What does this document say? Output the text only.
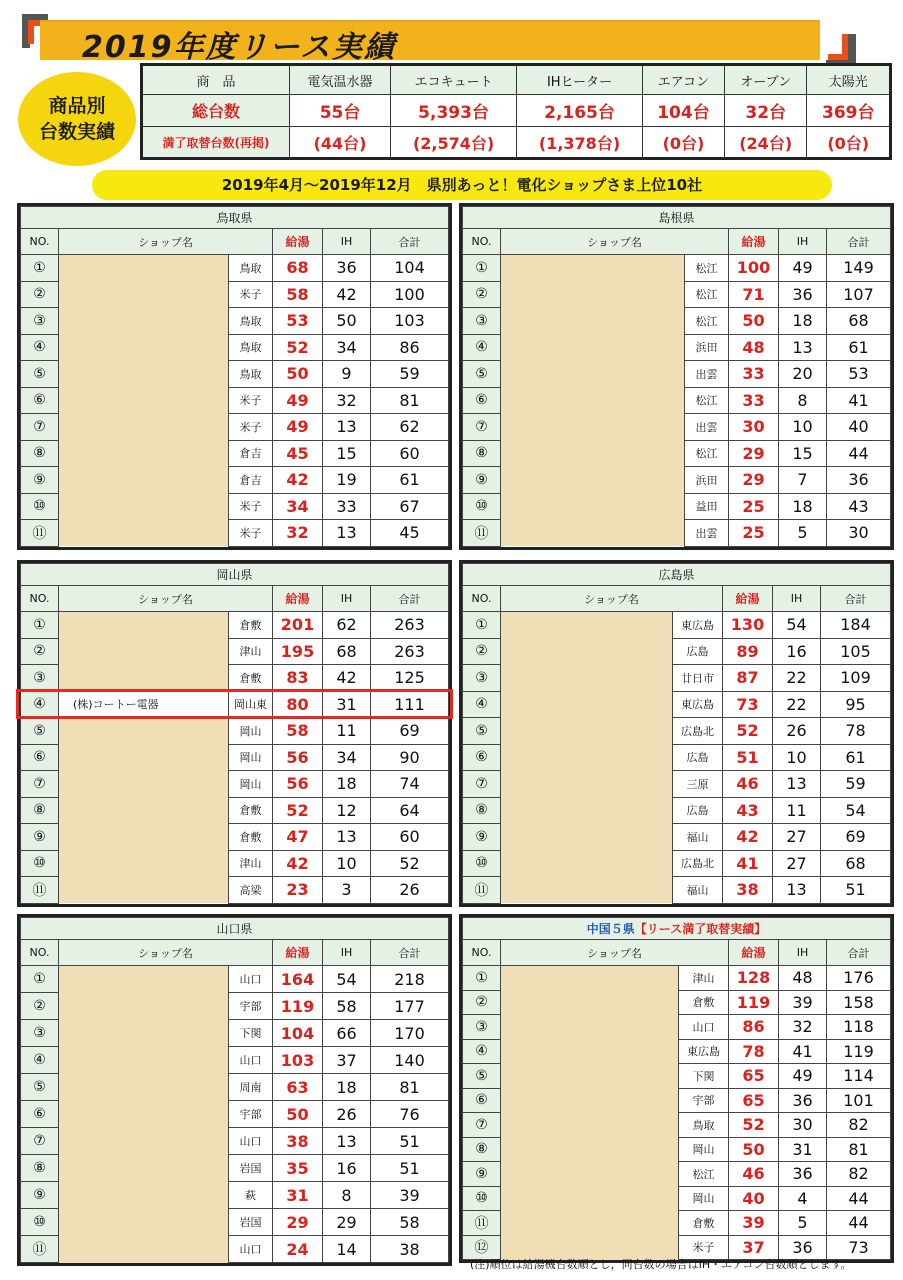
2019年度リース実績
商品別
台数実績
商　品	電気温水器	エコキュート	IHヒーター	エアコン	オーブン	太陽光
総台数	55台	5,393台	2,165台	104台	32台	369台
満了取替台数(再掲)	(44台)	(2,574台)	(1,378台)	(0台)	(24台)	(0台)
2019年4月～2019年12月　県別あっと！電化ショップさま上位10社
鳥取県					
NO.	ショップ名		給湯	IH	合計
①		鳥取	68	36	104
②		米子	58	42	100
③		鳥取	53	50	103
④		鳥取	52	34	86
⑤		鳥取	50	9	59
⑥		米子	49	32	81
⑦		米子	49	13	62
⑧		倉吉	45	15	60
⑨		倉吉	42	19	61
⑩		米子	34	33	67
⑪		米子	32	13	45
島根県					
NO.	ショップ名		給湯	IH	合計
①		松江	100	49	149
②		松江	71	36	107
③		松江	50	18	68
④		浜田	48	13	61
⑤		出雲	33	20	53
⑥		松江	33	8	41
⑦		出雲	30	10	40
⑧		松江	29	15	44
⑨		浜田	29	7	36
⑩		益田	25	18	43
⑪		出雲	25	5	30
岡山県					
NO.	ショップ名		給湯	IH	合計
①		倉敷	201	62	263
②		津山	195	68	263
③		倉敷	83	42	125
④	(株)コートー電器	岡山東	80	31	111
⑤		岡山	58	11	69
⑥		岡山	56	34	90
⑦		岡山	56	18	74
⑧		倉敷	52	12	64
⑨		倉敷	47	13	60
⑩		津山	42	10	52
⑪		高梁	23	3	26
広島県					
NO.	ショップ名		給湯	IH	合計
①		東広島	130	54	184
②		広島	89	16	105
③		廿日市	87	22	109
④		東広島	73	22	95
⑤		広島北	52	26	78
⑥		広島	51	10	61
⑦		三原	46	13	59
⑧		広島	43	11	54
⑨		福山	42	27	69
⑩		広島北	41	27	68
⑪		福山	38	13	51
山口県					
NO.	ショップ名		給湯	IH	合計
①		山口	164	54	218
②		宇部	119	58	177
③		下関	104	66	170
④		山口	103	37	140
⑤		周南	63	18	81
⑥		宇部	50	26	76
⑦		山口	38	13	51
⑧		岩国	35	16	51
⑨		萩	31	8	39
⑩		岩国	29	29	58
⑪		山口	24	14	38
中国５県【リース満了取替実績】					
NO.	ショップ名		給湯	IH	合計
①		津山	128	48	176
②		倉敷	119	39	158
③		山口	86	32	118
④		東広島	78	41	119
⑤		下関	65	49	114
⑥		宇部	65	36	101
⑦		鳥取	52	30	82
⑧		岡山	50	31	81
⑨		松江	46	36	82
⑩		岡山	40	4	44
⑪		倉敷	39	5	44
⑫		米子	37	36	73
(注)順位は給湯機台数順とし，同台数の場合はIH・エアコン台数順とします。
